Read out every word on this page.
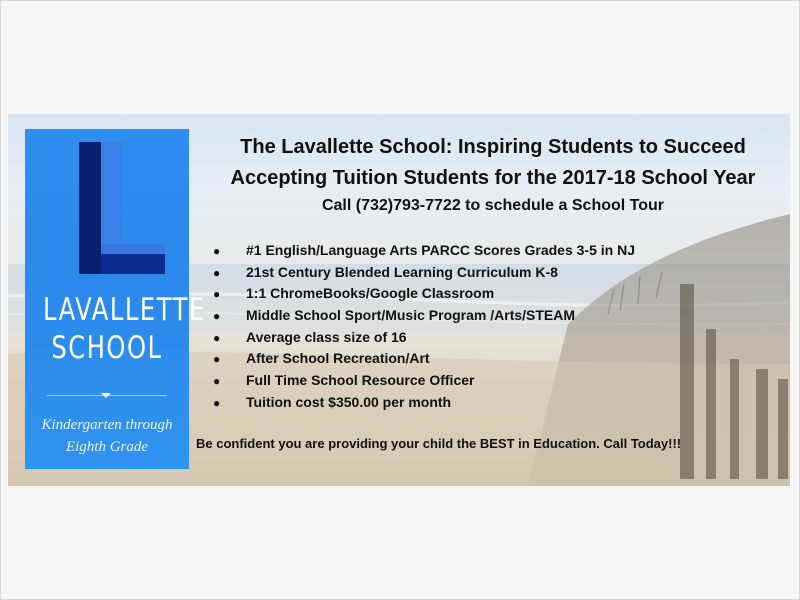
LAVALLETTE
SCHOOL
Kindergarten through
Eighth Grade
The Lavallette School: Inspiring Students to Succeed
Accepting Tuition Students for the 2017-18 School Year
Call (732)793-7722 to schedule a School Tour
● #1 English/Language Arts PARCC Scores Grades 3-5 in NJ
● 21st Century Blended Learning Curriculum K-8
● 1:1 ChromeBooks/Google Classroom
● Middle School Sport/Music Program /Arts/STEAM
● Average class size of 16
● After School Recreation/Art
● Full Time School Resource Officer
● Tuition cost $350.00 per month
Be confident you are providing your child the BEST in Education. Call Today!!!
